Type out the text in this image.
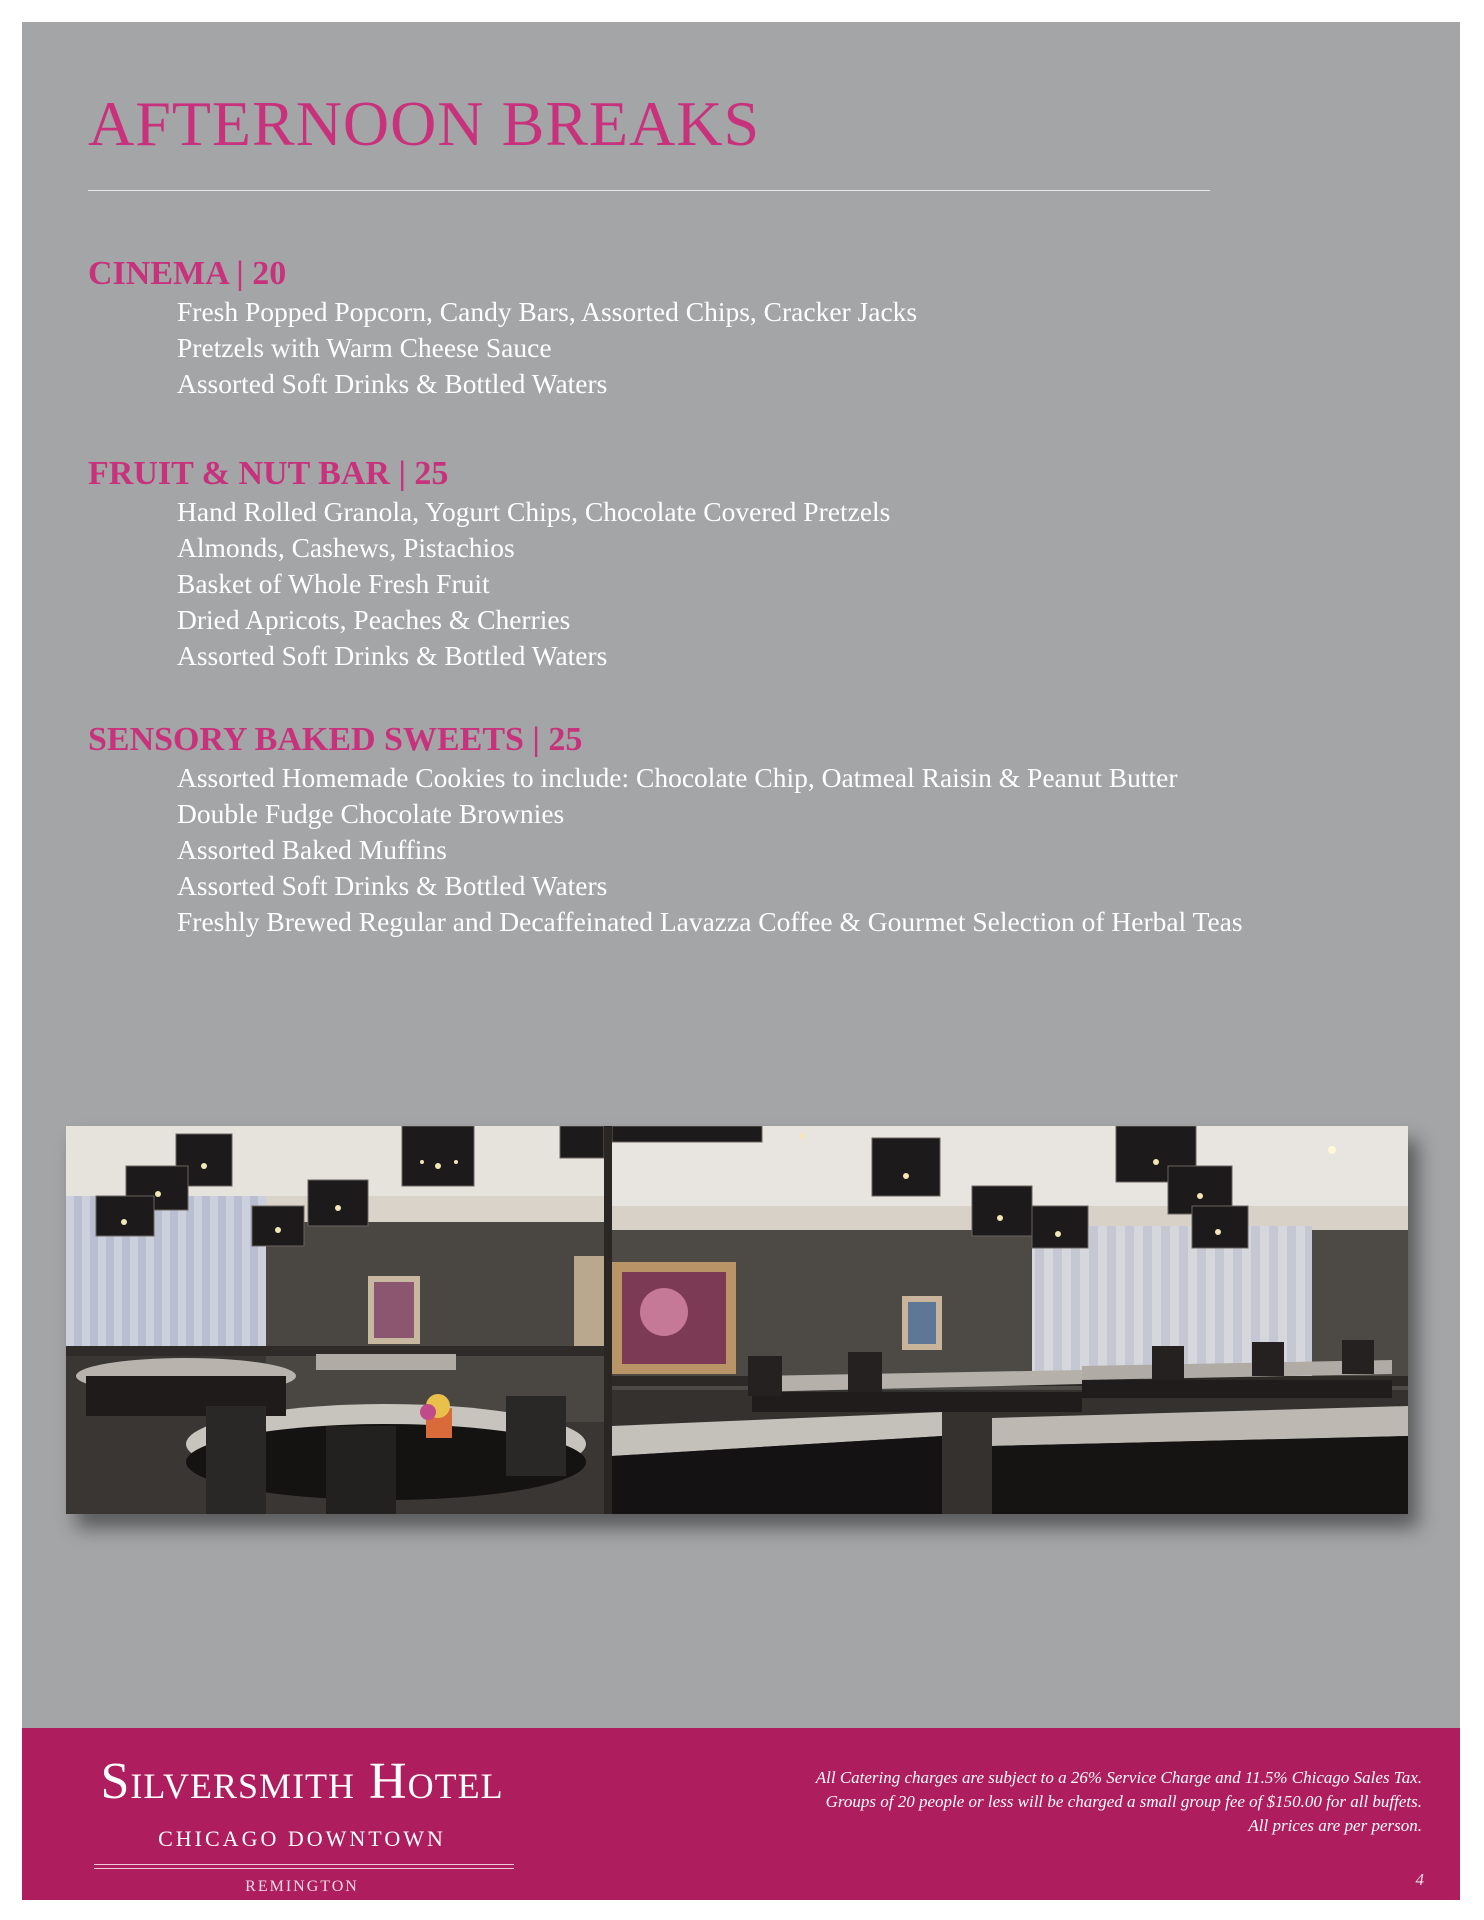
AFTERNOON BREAKS
CINEMA | 20
Fresh Popped Popcorn, Candy Bars, Assorted Chips, Cracker Jacks
Pretzels with Warm Cheese Sauce
Assorted Soft Drinks & Bottled Waters
FRUIT & NUT BAR | 25
Hand Rolled Granola, Yogurt Chips, Chocolate Covered Pretzels
Almonds, Cashews, Pistachios
Basket of Whole Fresh Fruit
Dried Apricots, Peaches & Cherries
Assorted Soft Drinks & Bottled Waters
SENSORY BAKED SWEETS | 25
Assorted Homemade Cookies to include: Chocolate Chip, Oatmeal Raisin & Peanut Butter
Double Fudge Chocolate Brownies
Assorted Baked Muffins
Assorted Soft Drinks & Bottled Waters
Freshly Brewed Regular and Decaffeinated Lavazza Coffee & Gourmet Selection of Herbal Teas
Silversmith Hotel
CHICAGO DOWNTOWN
REMINGTON
All Catering charges are subject to a 26% Service Charge and 11.5% Chicago Sales Tax.
Groups of 20 people or less will be charged a small group fee of $150.00 for all buffets.
All prices are per person.
4
